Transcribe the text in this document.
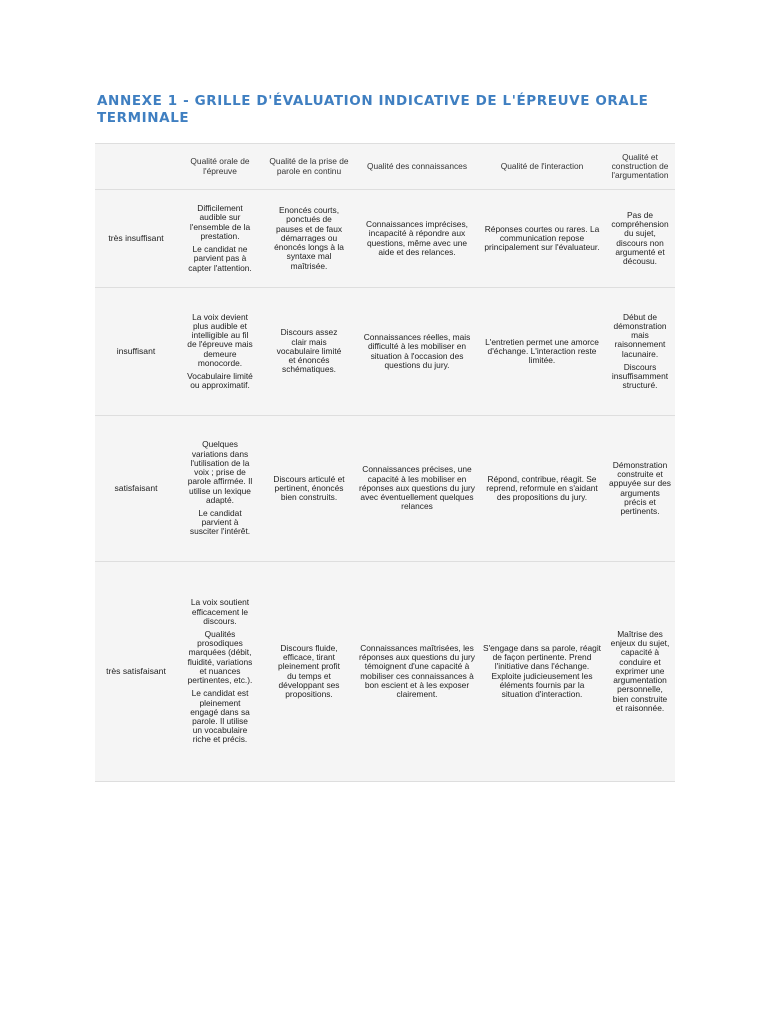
ANNEXE 1 - GRILLE D'ÉVALUATION INDICATIVE DE L'ÉPREUVE ORALE TERMINALE

Qualité orale de l'épreuve

Qualité de la prise de parole en continu	Qualité des connaissances	Qualité de l'interaction

Qualité et construction de l'argumentation

très insuffisant

Difficilement audible sur l'ensemble de la prestation.

Le candidat ne parvient pas à capter l'attention.

Enoncés courts, ponctués de pauses et de faux démarrages ou énoncés longs à la syntaxe mal maîtrisée.

Connaissances imprécises, incapacité à répondre aux questions, même avec une aide et des relances.

Réponses courtes ou rares. La communication repose principalement sur l'évaluateur.

Pas de compréhension du sujet, discours non argumenté et décousu.

insuffisant

La voix devient plus audible et intelligible au fil de l'épreuve mais demeure monocorde.

Vocabulaire limité ou approximatif.

Discours assez clair mais vocabulaire limité et énoncés schématiques.

Connaissances réelles, mais difficulté à les mobiliser en situation à l'occasion des questions du jury.

L'entretien permet une amorce d'échange. L'interaction reste limitée.

Début de démonstration mais raisonnement lacunaire.

Discours insuffisamment structuré.

satisfaisant

Quelques variations dans l'utilisation de la voix ; prise de parole affirmée. Il utilise un lexique adapté.

Le candidat parvient à susciter l'intérêt.

Discours articulé et pertinent, énoncés bien construits.

Connaissances précises, une capacité à les mobiliser en réponses aux questions du jury avec éventuellement quelques relances

Répond, contribue, réagit. Se reprend, reformule en s'aidant des propositions du jury.

Démonstration construite et appuyée sur des arguments précis et pertinents.

très satisfaisant

La voix soutient efficacement le discours.

Qualités prosodiques marquées (débit, fluidité, variations et nuances pertinentes, etc.).

Le candidat est pleinement engagé dans sa parole. Il utilise un vocabulaire riche et précis.

Discours fluide, efficace, tirant pleinement profit du temps et développant ses propositions.

Connaissances maîtrisées, les réponses aux questions du jury témoignent d'une capacité à mobiliser ces connaissances à bon escient et à les exposer clairement.

S'engage dans sa parole, réagit de façon pertinente. Prend l'initiative dans l'échange. Exploite judicieusement les éléments fournis par la situation d'interaction.

Maîtrise des enjeux du sujet, capacité à conduire et exprimer une argumentation personnelle, bien construite et raisonnée.
